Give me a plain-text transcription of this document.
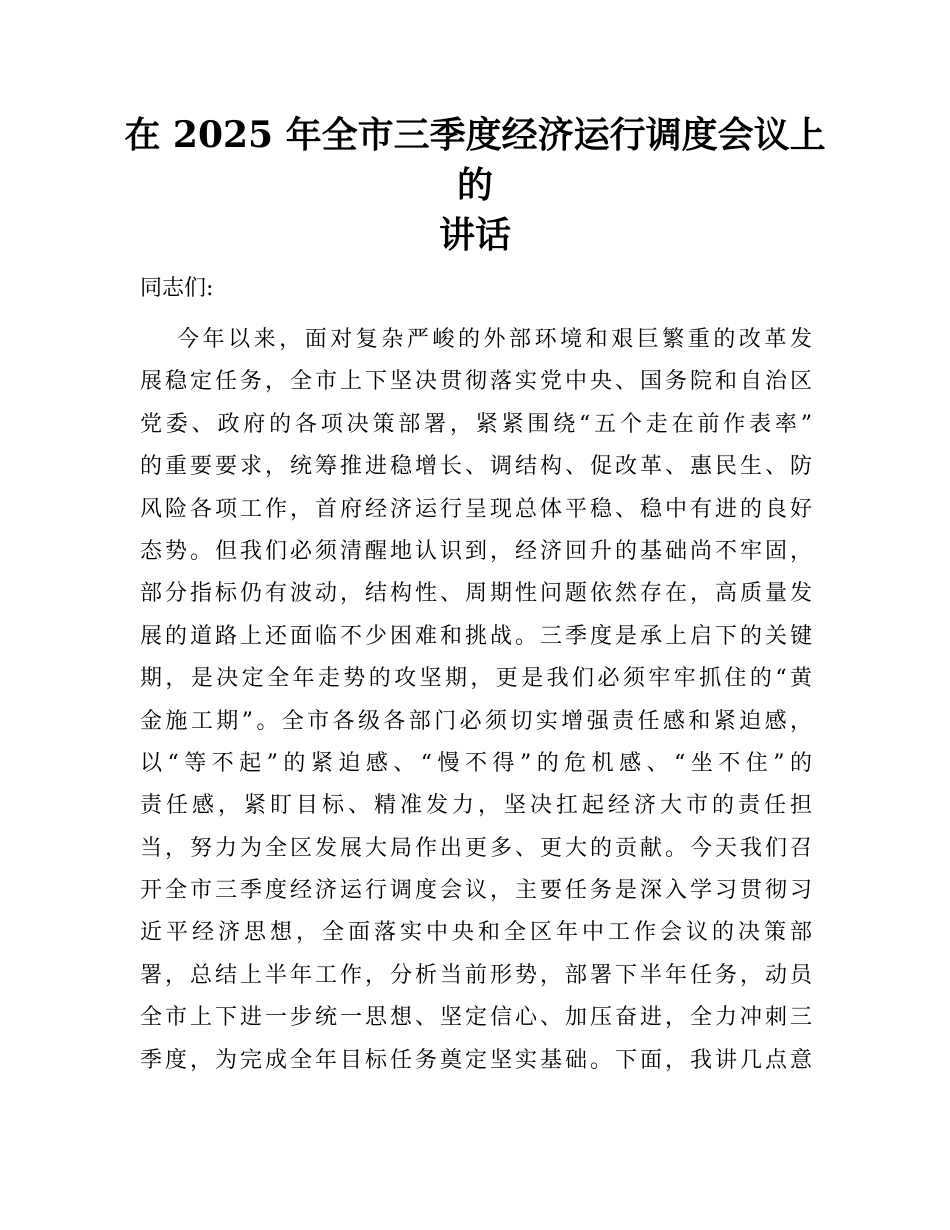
在 2025 年全市三季度经济运行调度会议上的
讲话

同志们:

今年以来，面对复杂严峻的外部环境和艰巨繁重的改革发
展稳定任务，全市上下坚决贯彻落实党中央、国务院和自治区
党委、政府的各项决策部署，紧紧围绕“五个走在前作表率”
的重要要求，统筹推进稳增长、调结构、促改革、惠民生、防
风险各项工作，首府经济运行呈现总体平稳、稳中有进的良好
态势。但我们必须清醒地认识到，经济回升的基础尚不牢固，
部分指标仍有波动，结构性、周期性问题依然存在，高质量发
展的道路上还面临不少困难和挑战。三季度是承上启下的关键
期，是决定全年走势的攻坚期，更是我们必须牢牢抓住的“黄
金施工期”。全市各级各部门必须切实增强责任感和紧迫感，
以“等不起”的紧迫感、“慢不得”的危机感、“坐不住”的
责任感，紧盯目标、精准发力，坚决扛起经济大市的责任担
当，努力为全区发展大局作出更多、更大的贡献。今天我们召
开全市三季度经济运行调度会议，主要任务是深入学习贯彻习
近平经济思想，全面落实中央和全区年中工作会议的决策部
署，总结上半年工作，分析当前形势，部署下半年任务，动员
全市上下进一步统一思想、坚定信心、加压奋进，全力冲刺三
季度，为完成全年目标任务奠定坚实基础。下面，我讲几点意
